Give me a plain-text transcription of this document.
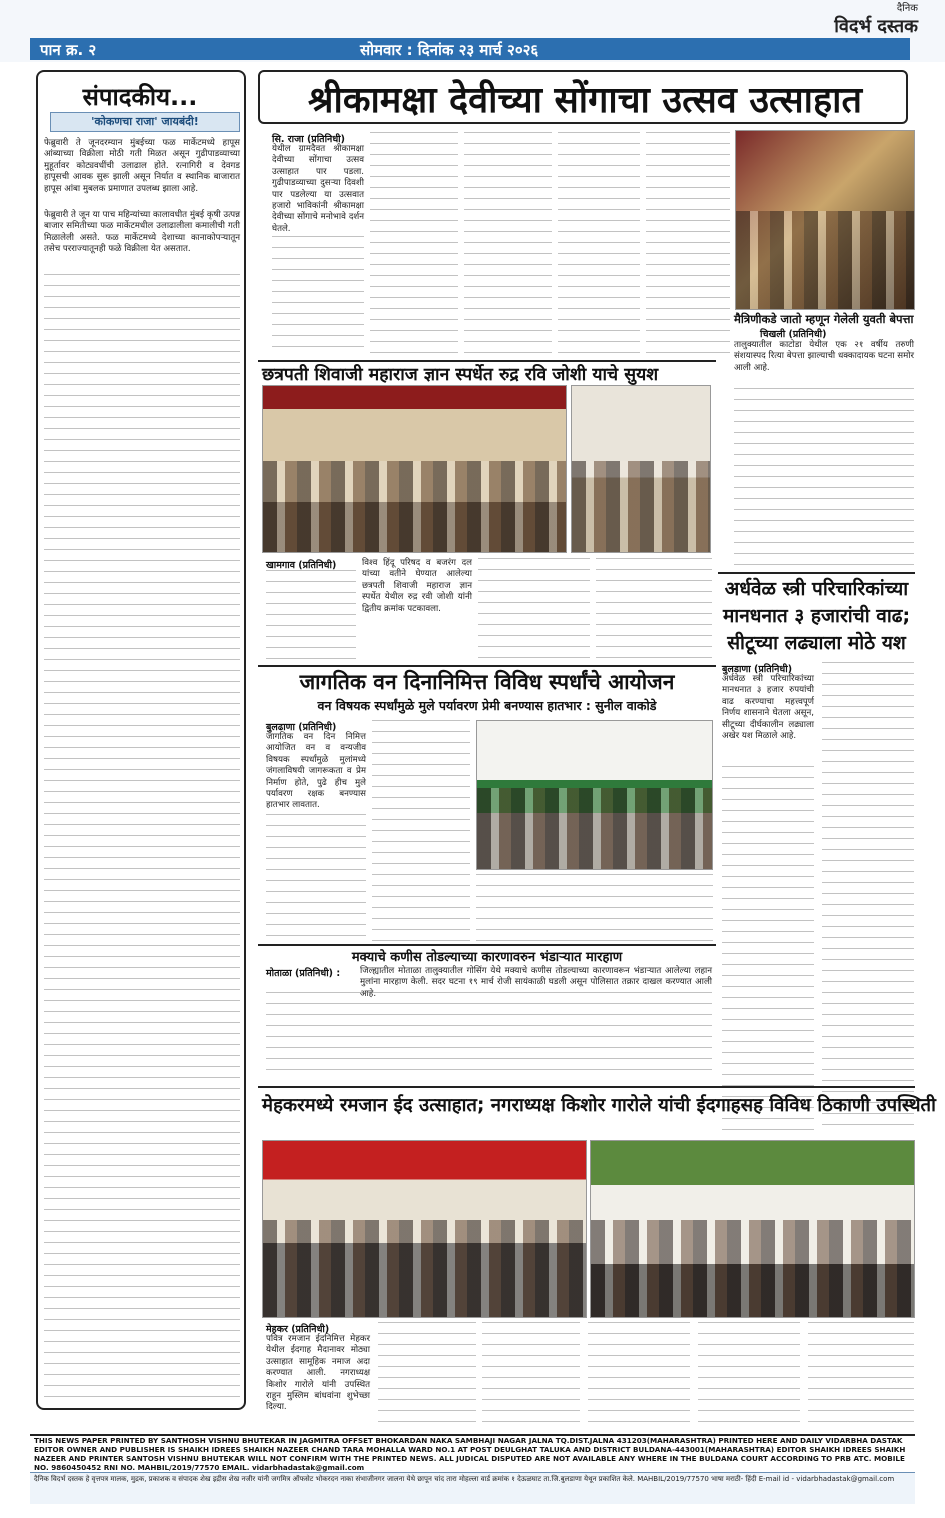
पान क्र. २	सोमवार : दिनांक २३ मार्च २०२६
दैनिक
विदर्भ दस्तक
संपादकीय...
'कोकणचा राजा' जायबंदी!
फेब्रुवारी ते जूनदरम्यान मुंबईच्या फळ मार्केटमध्ये हापूस आंब्याच्या विक्रीला मोठी गती मिळत असून गुढीपाडव्याच्या मुहूर्तावर कोट्यवधींची उलाढाल होते. रत्नागिरी व देवगड हापूसची आवक सुरू झाली असून निर्यात व स्थानिक बाजारात हापूस आंबा मुबलक प्रमाणात उपलब्ध झाला आहे.
फेब्रुवारी ते जून या पाच महिन्यांच्या कालावधीत मुंबई कृषी उत्पन्न बाजार समितीच्या फळ मार्केटमधील उलाढालीला कमालीची गती मिळालेली असते. फळ मार्केटमध्ये देशाच्या कानाकोपऱ्यातून तसेच परराज्यातूनही फळे विक्रीला येत असतात.
श्रीकामक्षा देवीच्या सोंगाचा उत्सव उत्साहात
सि. राजा (प्रतिनिधी)
येथील ग्रामदैवत श्रीकामक्षा देवीच्या सोंगाचा उत्सव उत्साहात पार पडला. गुढीपाडव्याच्या दुसऱ्या दिवशी पार पडलेल्या या उत्सवात हजारो भाविकांनी श्रीकामक्षा देवीच्या सोंगाचे मनोभावे दर्शन घेतले.
छत्रपती शिवाजी महाराज ज्ञान स्पर्धेत रुद्र रवि जोशी याचे सुयश
खामगाव (प्रतिनिधी)	विश्व हिंदू परिषद व बजरंग दल यांच्या वतीने घेण्यात आलेल्या छत्रपती शिवाजी महाराज ज्ञान स्पर्धेत येथील रुद्र रवी जोशी यांनी द्वितीय क्रमांक पटकावला.
मैत्रिणीकडे जातो म्हणून गेलेली युवती बेपत्ता
चिखली (प्रतिनिधी)
तालुक्यातील काटोडा येथील एक २१ वर्षीय तरुणी संशयास्पद रित्या बेपत्ता झाल्याची धक्कादायक घटना समोर आली आहे.
अर्धवेळ स्त्री परिचारिकांच्या मानधनात ३ हजारांची वाढ; सीटूच्या लढ्याला मोठे यश
बुलडाणा (प्रतिनिधी)
अर्धवेळ स्त्री परिचारिकांच्या मानधनात ३ हजार रुपयांची वाढ करण्याचा महत्त्वपूर्ण निर्णय शासनाने घेतला असून, सीटूच्या दीर्घकालीन लढ्याला अखेर यश मिळाले आहे.
जागतिक वन दिनानिमित्त विविध स्पर्धांचे आयोजन
वन विषयक स्पर्धांमुळे मुले पर्यावरण प्रेमी बनण्यास हातभार : सुनील वाकोडे
बुलढाणा (प्रतिनिधी)
जागतिक वन दिन निमित्त आयोजित वन व वन्यजीव विषयक स्पर्धांमुळे मुलांमध्ये जंगलाविषयी जागरूकता व प्रेम निर्माण होते, पुढे हीच मुले पर्यावरण रक्षक बनण्यास हातभार लावतात.
मक्याचे कणीस तोडल्याच्या कारणावरुन भंडाऱ्यात मारहाण
मोताळा (प्रतिनिधी) : जिल्ह्यातील मोताळा तालुक्यातील गोसिंग येथे मक्याचे कणीस तोडल्याच्या कारणावरून भंडाऱ्यात आलेल्या लहान मुलांना मारहाण केली. सदर घटना १९ मार्च रोजी सायंकाळी घडली असून पोलिसात तक्रार दाखल करण्यात आली आहे.
मेहकरमध्ये रमजान ईद उत्साहात; नगराध्यक्ष किशोर गारोले यांची ईदगाहसह विविध ठिकाणी उपस्थिती
मेहकर (प्रतिनिधी)
पवित्र रमजान ईदनिमित्त मेहकर येथील ईदगाह मैदानावर मोठ्या उत्साहात सामूहिक नमाज अदा करण्यात आली. नगराध्यक्ष किशोर गारोले यांनी उपस्थित राहून मुस्लिम बांधवांना शुभेच्छा दिल्या.
THIS NEWS PAPER PRINTED BY SANTHOSH VISHNU BHUTEKAR IN JAGMITRA OFFSET BHOKARDAN NAKA SAMBHAJI NAGAR JALNA TQ.DIST.JALNA 431203(MAHARASHTRA) PRINTED HERE AND DAILY VIDARBHA DASTAK EDITOR OWNER AND PUBLISHER IS SHAIKH IDREES SHAIKH NAZEER CHAND TARA MOHALLA WARD NO.1 AT POST DEULGHAT TALUKA AND DISTRICT BULDANA-443001(MAHARASHTRA) EDITOR SHAIKH IDREES SHAIKH NAZEER AND PRINTER SANTOSH VISHNU BHUTEKAR WILL NOT CONFIRM WITH THE PRINTED NEWS. ALL JUDICAL DISPUTED ARE NOT AVAILABLE ANY WHERE IN THE BULDANA COURT ACCORDING TO PRB ATC. MOBILE NO. 9860450452 RNI NO. MAHBIL/2019/77570 EMAIL. vidarbhadastak@gmail.com
दैनिक विदर्भ दस्तक हे वृत्तपत्र मालक, मुद्रक, प्रकाशक व संपादक शेख इद्रीस शेख नजीर यांनी जगमित्र ऑफसेट भोकरदन नाका संभाजीनगर जालना येथे छापून चांद तारा मोहल्ला वार्ड क्रमांक १ देऊळघाट ता.जि.बुलडाणा येथून प्रकाशित केले. MAHBIL/2019/77570 भाषा मराठी- हिंदी E-mail id - vidarbhadastak@gmail.com
